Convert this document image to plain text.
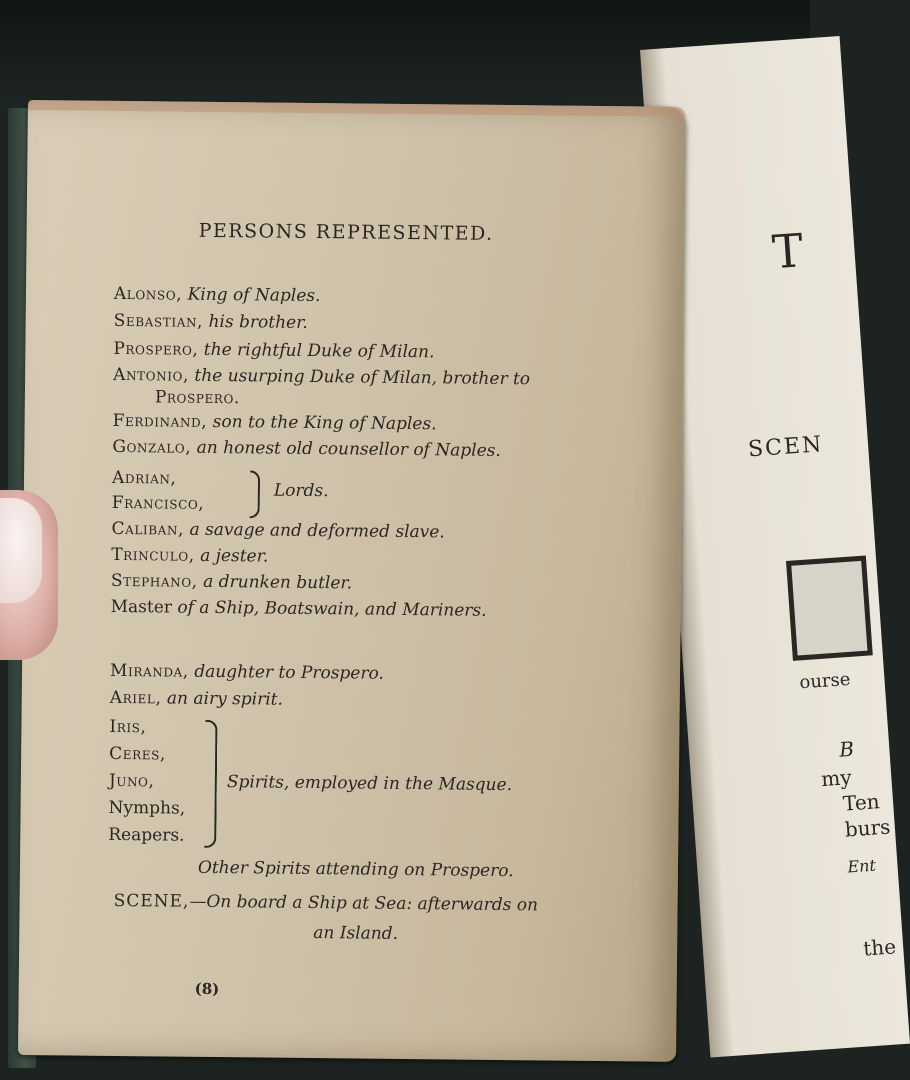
T
SCEN
ourse
B
my
Ten
burs
Ent
the
PERSONS REPRESENTED.
Alonso, King of Naples.
Sebastian, his brother.
Prospero, the rightful Duke of Milan.
Antonio, the usurping Duke of Milan, brother to
Prospero.
Ferdinand, son to the King of Naples.
Gonzalo, an honest old counsellor of Naples.
Adrian,
Francisco,
Lords.
Caliban, a savage and deformed slave.
Trinculo, a jester.
Stephano, a drunken butler.
Master of a Ship, Boatswain, and Mariners.
Miranda, daughter to Prospero.
Ariel, an airy spirit.
Iris,
Ceres,
Juno,
Nymphs,
Reapers.
Spirits, employed in the Masque.
Other Spirits attending on Prospero.
SCENE,—On board a Ship at Sea: afterwards on
an Island.
(8)
